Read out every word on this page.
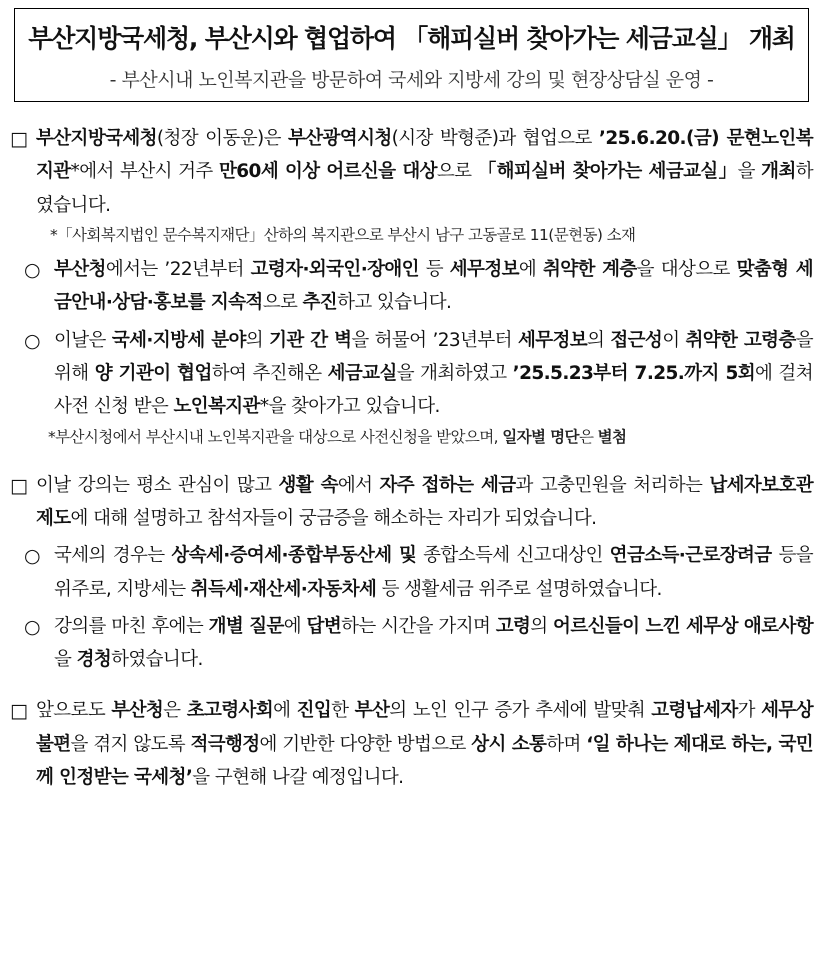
부산지방국세청, 부산시와 협업하여 「해피실버 찾아가는 세금교실」 개최
- 부산시내 노인복지관을 방문하여 국세와 지방세 강의 및 현장상담실 운영 -
□ 부산지방국세청(청장 이동운)은 부산광역시청(시장 박형준)과 협업으로 ’25.6.20.(금) 문현노인복지관*에서 부산시 거주 만60세 이상 어르신을 대상으로 「해피실버 찾아가는 세금교실」을 개최하였습니다.
*「사회복지법인 문수복지재단」산하의 복지관으로 부산시 남구 고동골로 11(문현동) 소재
○ 부산청에서는 ’22년부터 고령자·외국인·장애인 등 세무정보에 취약한 계층을 대상으로 맞춤형 세금안내·상담·홍보를 지속적으로 추진하고 있습니다.
○ 이날은 국세·지방세 분야의 기관 간 벽을 허물어 ’23년부터 세무정보의 접근성이 취약한 고령층을 위해 양 기관이 협업하여 추진해온 세금교실을 개최하였고 ’25.5.23부터 7.25.까지 5회에 걸쳐 사전 신청 받은 노인복지관*을 찾아가고 있습니다.
*부산시청에서 부산시내 노인복지관을 대상으로 사전신청을 받았으며, 일자별 명단은 별첨
□ 이날 강의는 평소 관심이 많고 생활 속에서 자주 접하는 세금과 고충민원을 처리하는 납세자보호관 제도에 대해 설명하고 참석자들이 궁금증을 해소하는 자리가 되었습니다.
○ 국세의 경우는 상속세·증여세·종합부동산세 및 종합소득세 신고대상인 연금소득·근로장려금 등을 위주로, 지방세는 취득세·재산세·자동차세 등 생활세금 위주로 설명하였습니다.
○ 강의를 마친 후에는 개별 질문에 답변하는 시간을 가지며 고령의 어르신들이 느낀 세무상 애로사항을 경청하였습니다.
□ 앞으로도 부산청은 초고령사회에 진입한 부산의 노인 인구 증가 추세에 발맞춰 고령납세자가 세무상 불편을 겪지 않도록 적극행정에 기반한 다양한 방법으로 상시 소통하며 ‘일 하나는 제대로 하는, 국민께 인정받는 국세청’을 구현해 나갈 예정입니다.
